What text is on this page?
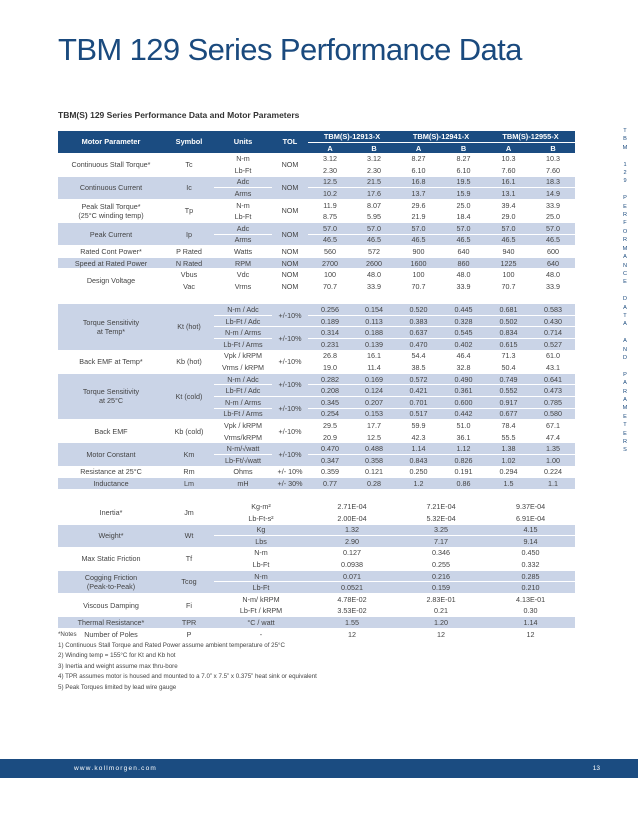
TBM 129 Series Performance Data
T
B
M

1
2
9

P
E
R
F
O
R
M
A
N
C
E

D
A
T
A

A
N
D

P
A
R
A
M
E
T
E
R
S
TBM(S) 129 Series Performance Data and Motor Parameters
Motor Parameter	Symbol	Units	TOL	TBM(S)-12913-X		TBM(S)-12941-X		TBM(S)-12955-X	
				A	B	A	B	A	B
Continuous Stall Torque*	Tc	N-m	NOM	3.12	3.12	8.27	8.27	10.3	10.3
		Lb-Ft		2.30	2.30	6.10	6.10	7.60	7.60
Continuous Current	Ic	Adc	NOM	12.5	21.5	16.8	19.5	16.1	18.3
		Arms		10.2	17.6	13.7	15.9	13.1	14.9
Peak Stall Torque*
(25°C winding temp)	Tp	N-m	NOM	11.9	8.07	29.6	25.0	39.4	33.9
		Lb-Ft		8.75	5.95	21.9	18.4	29.0	25.0
Peak Current	Ip	Adc	NOM	57.0	57.0	57.0	57.0	57.0	57.0
		Arms		46.5	46.5	46.5	46.5	46.5	46.5
Rated Cont Power*	P Rated	Watts	NOM	560	572	900	640	940	600
Speed at Rated Power	N Rated	RPM	NOM	2700	2600	1600	860	1225	640
Design Voltage	Vbus	Vdc	NOM	100	48.0	100	48.0	100	48.0
	Vac	Vrms	NOM	70.7	33.9	70.7	33.9	70.7	33.9

Torque Sensitivity
at Temp*	Kt (hot)	N-m / Adc	+/-10%	0.256	0.154	0.520	0.445	0.681	0.583
		Lb-Ft / Adc		0.189	0.113	0.383	0.328	0.502	0.430
		N-m / Arms	+/-10%	0.314	0.188	0.637	0.545	0.834	0.714
		Lb-Ft / Arms		0.231	0.139	0.470	0.402	0.615	0.527
Back EMF at Temp*	Kb (hot)	Vpk / kRPM	+/-10%	26.8	16.1	54.4	46.4	71.3	61.0
		Vrms / kRPM		19.0	11.4	38.5	32.8	50.4	43.1
Torque Sensitivity
at 25°C	Kt (cold)	N-m / Adc	+/-10%	0.282	0.169	0.572	0.490	0.749	0.641
		Lb-Ft / Adc		0.208	0.124	0.421	0.361	0.552	0.473
		N-m / Arms	+/-10%	0.345	0.207	0.701	0.600	0.917	0.785
		Lb-Ft / Arms		0.254	0.153	0.517	0.442	0.677	0.580
Back EMF	Kb (cold)	Vpk / kRPM	+/-10%	29.5	17.7	59.9	51.0	78.4	67.1
		Vrms/kRPM		20.9	12.5	42.3	36.1	55.5	47.4
Motor Constant	Km	N-m/√watt	+/-10%	0.470	0.488	1.14	1.12	1.38	1.35
		Lb-Ft/√watt		0.347	0.358	0.843	0.826	1.02	1.00
Resistance at 25°C	Rm	Ohms	+/- 10%	0.359	0.121	0.250	0.191	0.294	0.224
Inductance	Lm	mH	+/- 30%	0.77	0.28	1.2	0.86	1.5	1.1

Inertia*	Jm	Kg-m²		2.71E-04		7.21E-04		9.37E-04	
		Lb-Ft-s²		2.00E-04		5.32E-04		6.91E-04	
Weight*	Wt	Kg		1.32		3.25		4.15	
		Lbs		2.90		7.17		9.14	
Max Static Friction	Tf	N-m		0.127		0.346		0.450	
		Lb-Ft		0.0938		0.255		0.332	
Cogging Friction
(Peak-to-Peak)	Tcog	N-m		0.071		0.216		0.285	
		Lb-Ft		0.0521		0.159		0.210	
Viscous Damping	Fi	N-m/ kRPM		4.78E-02		2.83E-01		4.13E-01	
		Lb-Ft / kRPM		3.53E-02		0.21		0.30	
Thermal Resistance*	TPR	°C / watt		1.55		1.20		1.14	
Number of Poles	P	-		12		12		12	
*Notes
1) Continuous Stall Torque and Rated Power assume ambient temperature of 25°C
2) Winding temp = 155°C for Kt and Kb hot
3) Inertia and weight assume max thru-bore
4) TPR assumes motor is housed and mounted to a 7.0” x 7.5” x 0.375” heat sink or equivalent
5) Peak Torques limited by lead wire gauge
www.kollmorgen.com	13
